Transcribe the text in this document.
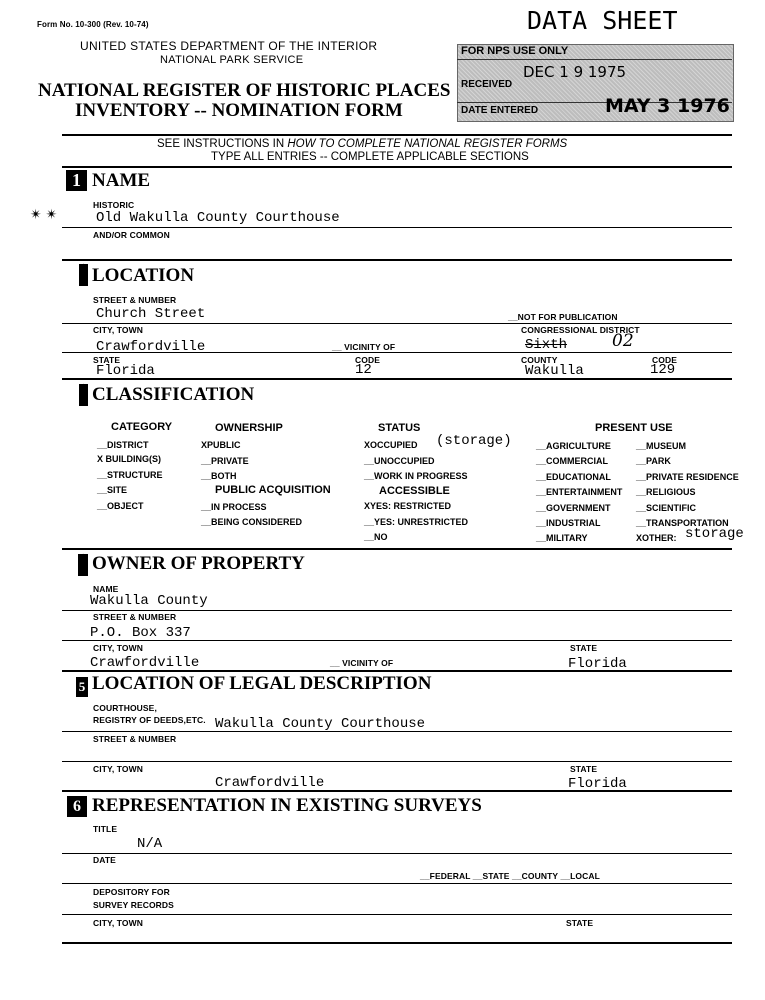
Form No. 10-300 (Rev. 10-74)
UNITED STATES DEPARTMENT OF THE INTERIOR
NATIONAL PARK SERVICE
NATIONAL REGISTER OF HISTORIC PLACES
INVENTORY -- NOMINATION FORM
DATA SHEET
FOR NPS USE ONLY
RECEIVED
DEC 1 9 1975
DATE ENTERED	MAY 3 1976
SEE INSTRUCTIONS IN HOW TO COMPLETE NATIONAL REGISTER FORMS
TYPE ALL ENTRIES -- COMPLETE APPLICABLE SECTIONS
1 NAME
HISTORIC
✴ ✴	Old Wakulla County Courthouse
AND/OR COMMON
2
LOCATION
STREET & NUMBER
Church Street	__NOT FOR PUBLICATION
CITY, TOWN	CONGRESSIONAL DISTRICT
Crawfordville	__ VICINITY OF	Sixth	02
STATE	CODE	COUNTY	CODE
Florida	12	Wakulla	129
3 CLASSIFICATION
CATEGORY	OWNERSHIP	STATUS	PRESENT USE
__DISTRICT
X BUILDING(S)
__STRUCTURE
__SITE
__OBJECT
XPUBLIC
__PRIVATE
__BOTH
PUBLIC ACQUISITION
__IN PROCESS
__BEING CONSIDERED
XOCCUPIED (storage)
__UNOCCUPIED
__WORK IN PROGRESS
ACCESSIBLE
XYES: RESTRICTED
__YES: UNRESTRICTED
__NO
__AGRICULTURE
__COMMERCIAL
__EDUCATIONAL
__ENTERTAINMENT
__GOVERNMENT
__INDUSTRIAL
__MILITARY
__MUSEUM
__PARK
__PRIVATE RESIDENCE
__RELIGIOUS
__SCIENTIFIC
__TRANSPORTATION
XOTHER: storage
4 OWNER OF PROPERTY
NAME
Wakulla County
STREET & NUMBER
P.O. Box 337
CITY, TOWN	STATE
Crawfordville	__ VICINITY OF	Florida
5 LOCATION OF LEGAL DESCRIPTION
COURTHOUSE,
REGISTRY OF DEEDS,ETC. Wakulla County Courthouse
STREET & NUMBER
CITY, TOWN	STATE
Crawfordville	Florida
6 REPRESENTATION IN EXISTING SURVEYS
TITLE
N/A
DATE
__FEDERAL __STATE __COUNTY __LOCAL
DEPOSITORY FOR
SURVEY RECORDS
CITY, TOWN	STATE
